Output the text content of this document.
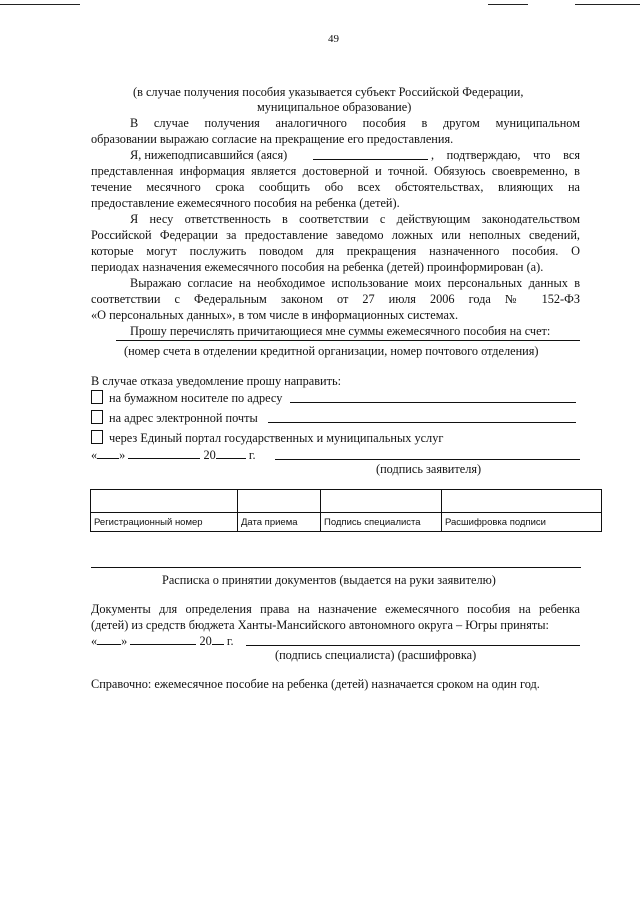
49
(в случае получения пособия указывается субъект Российской Федерации,
муниципальное образование)
В случае получения аналогичного пособия в другом муниципальном
образовании выражаю согласие на прекращение его предоставления.
Я, нижеподписавшийся (аяся)	, подтверждаю, что вся
представленная информация является достоверной и точной. Обязуюсь своевременно, в
течение месячного срока сообщить обо всех обстоятельствах, влияющих на
предоставление ежемесячного пособия на ребенка (детей).
Я несу ответственность в соответствии с действующим законодательством
Российской Федерации за предоставление заведомо ложных или неполных сведений,
которые могут послужить поводом для прекращения назначенного пособия. О
периодах назначения ежемесячного пособия на ребенка (детей) проинформирован (а).
Выражаю согласие на необходимое использование моих персональных данных в
соответствии с Федеральным законом от 27 июля 2006 года № 152-ФЗ
«О персональных данных», в том числе в информационных системах.
Прошу перечислять причитающиеся мне суммы ежемесячного пособия на счет:
(номер счета в отделении кредитной организации, номер почтового отделения)
В случае отказа уведомление прошу направить:
на бумажном носителе по адресу
на адрес электронной почты
через Единый портал государственных и муниципальных услуг
« »	20	г.
(подпись заявителя)

Регистрационный номер	Дата приема	Подпись специалиста	Расшифровка подписи
Расписка о принятии документов (выдается на руки заявителю)
Документы для определения права на назначение ежемесячного пособия на ребенка
(детей) из средств бюджета Ханты-Мансийского автономного округа – Югры приняты:
« »	20 г.
(подпись специалиста) (расшифровка)
Справочно: ежемесячное пособие на ребенка (детей) назначается сроком на один год.
